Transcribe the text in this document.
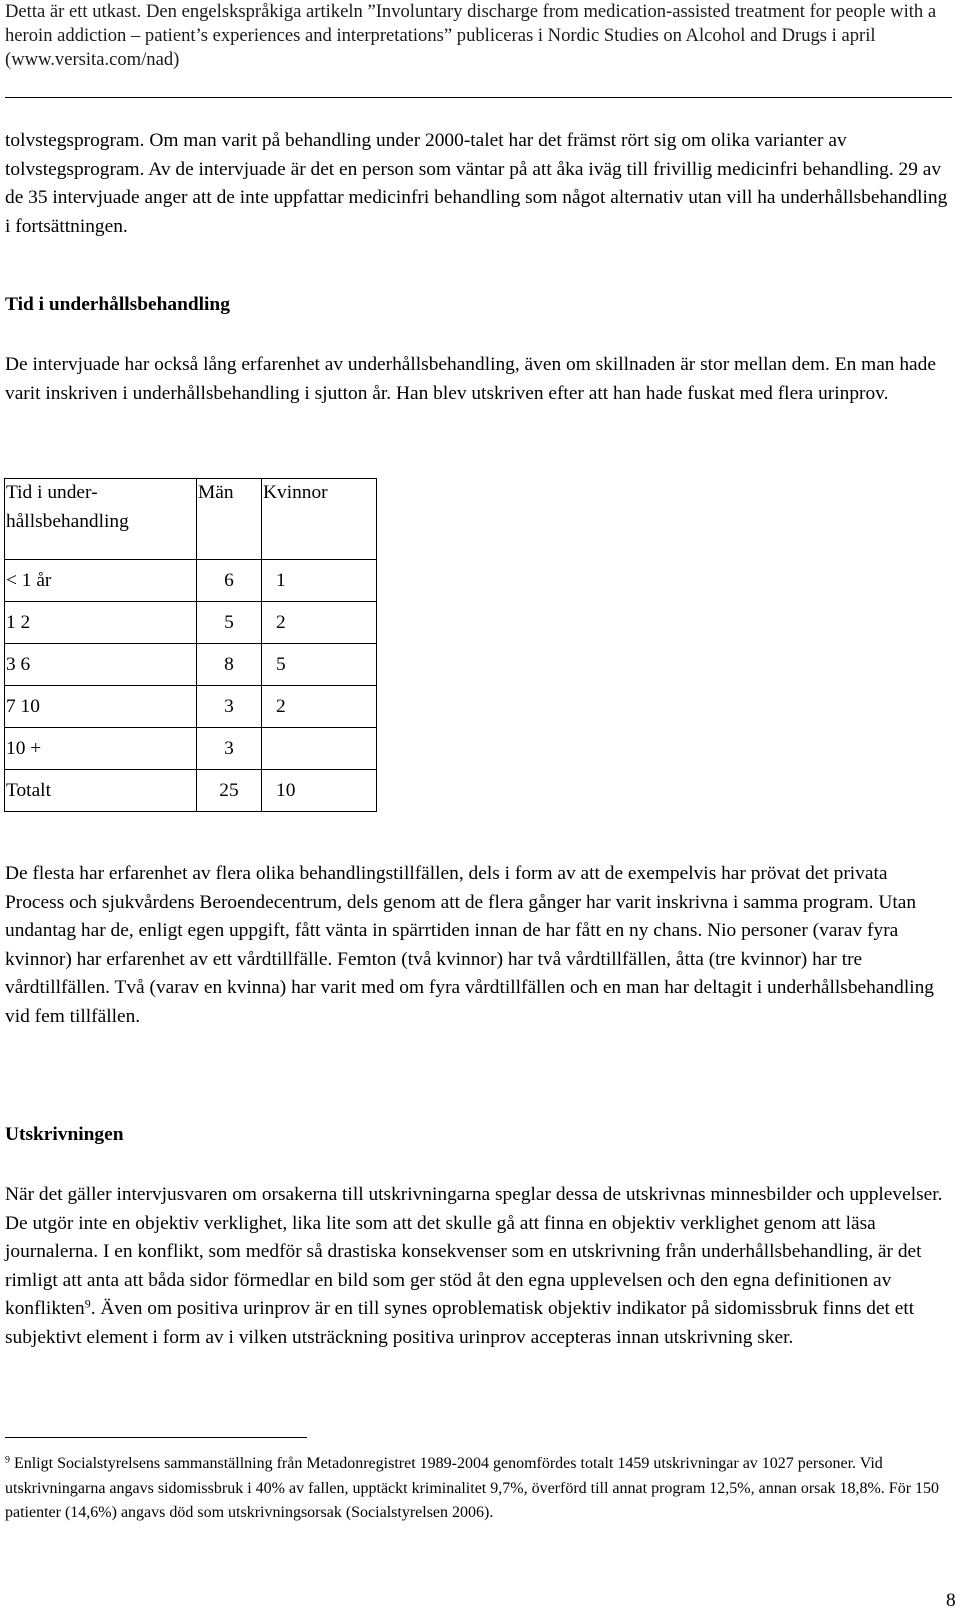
Detta är ett utkast. Den engelskspråkiga artikeln ”Involuntary discharge from medication-assisted treatment for people with a heroin addiction – patient’s experiences and interpretations” publiceras i Nordic Studies on Alcohol and Drugs i april (www.versita.com/nad)

tolvstegsprogram. Om man varit på behandling under 2000-talet har det främst rört sig om olika varianter av tolvstegsprogram. Av de intervjuade är det en person som väntar på att åka iväg till frivillig medicinfri behandling. 29 av de 35 intervjuade anger att de inte uppfattar medicinfri behandling som något alternativ utan vill ha underhållsbehandling i fortsättningen.

Tid i underhållsbehandling

De intervjuade har också lång erfarenhet av underhållsbehandling, även om skillnaden är stor mellan dem. En man hade varit inskriven i underhållsbehandling i sjutton år. Han blev utskriven efter att han hade fuskat med flera urinprov.

Tid i under-
hållsbehandling	Män	Kvinnor
< 1 år	6	1
1 2	5	2
3 6	8	5
7 10	3	2
10 +	3	
Totalt	25	10

De flesta har erfarenhet av flera olika behandlingstillfällen, dels i form av att de exempelvis har prövat det privata Process och sjukvårdens Beroendecentrum, dels genom att de flera gånger har varit inskrivna i samma program. Utan undantag har de, enligt egen uppgift, fått vänta in spärrtiden innan de har fått en ny chans. Nio personer (varav fyra kvinnor) har erfarenhet av ett vårdtillfälle. Femton (två kvinnor) har två vårdtillfällen, åtta (tre kvinnor) har tre vårdtillfällen. Två (varav en kvinna) har varit med om fyra vårdtillfällen och en man har deltagit i underhållsbehandling vid fem tillfällen.

Utskrivningen

När det gäller intervjusvaren om orsakerna till utskrivningarna speglar dessa de utskrivnas minnesbilder och upplevelser. De utgör inte en objektiv verklighet, lika lite som att det skulle gå att finna en objektiv verklighet genom att läsa journalerna. I en konflikt, som medför så drastiska konsekvenser som en utskrivning från underhållsbehandling, är det rimligt att anta att båda sidor förmedlar en bild som ger stöd åt den egna upplevelsen och den egna definitionen av konflikten$^9$. Även om positiva urinprov är en till synes oproblematisk objektiv indikator på sidomissbruk finns det ett subjektivt element i form av i vilken utsträckning positiva urinprov accepteras innan utskrivning sker.

$^9$ Enligt Socialstyrelsens sammanställning från Metadonregistret 1989-2004 genomfördes totalt 1459 utskrivningar av 1027 personer. Vid utskrivningarna angavs sidomissbruk i 40% av fallen, upptäckt kriminalitet 9,7%, överförd till annat program 12,5%, annan orsak 18,8%. För 150 patienter (14,6%) angavs död som utskrivningsorsak (Socialstyrelsen 2006).
8
